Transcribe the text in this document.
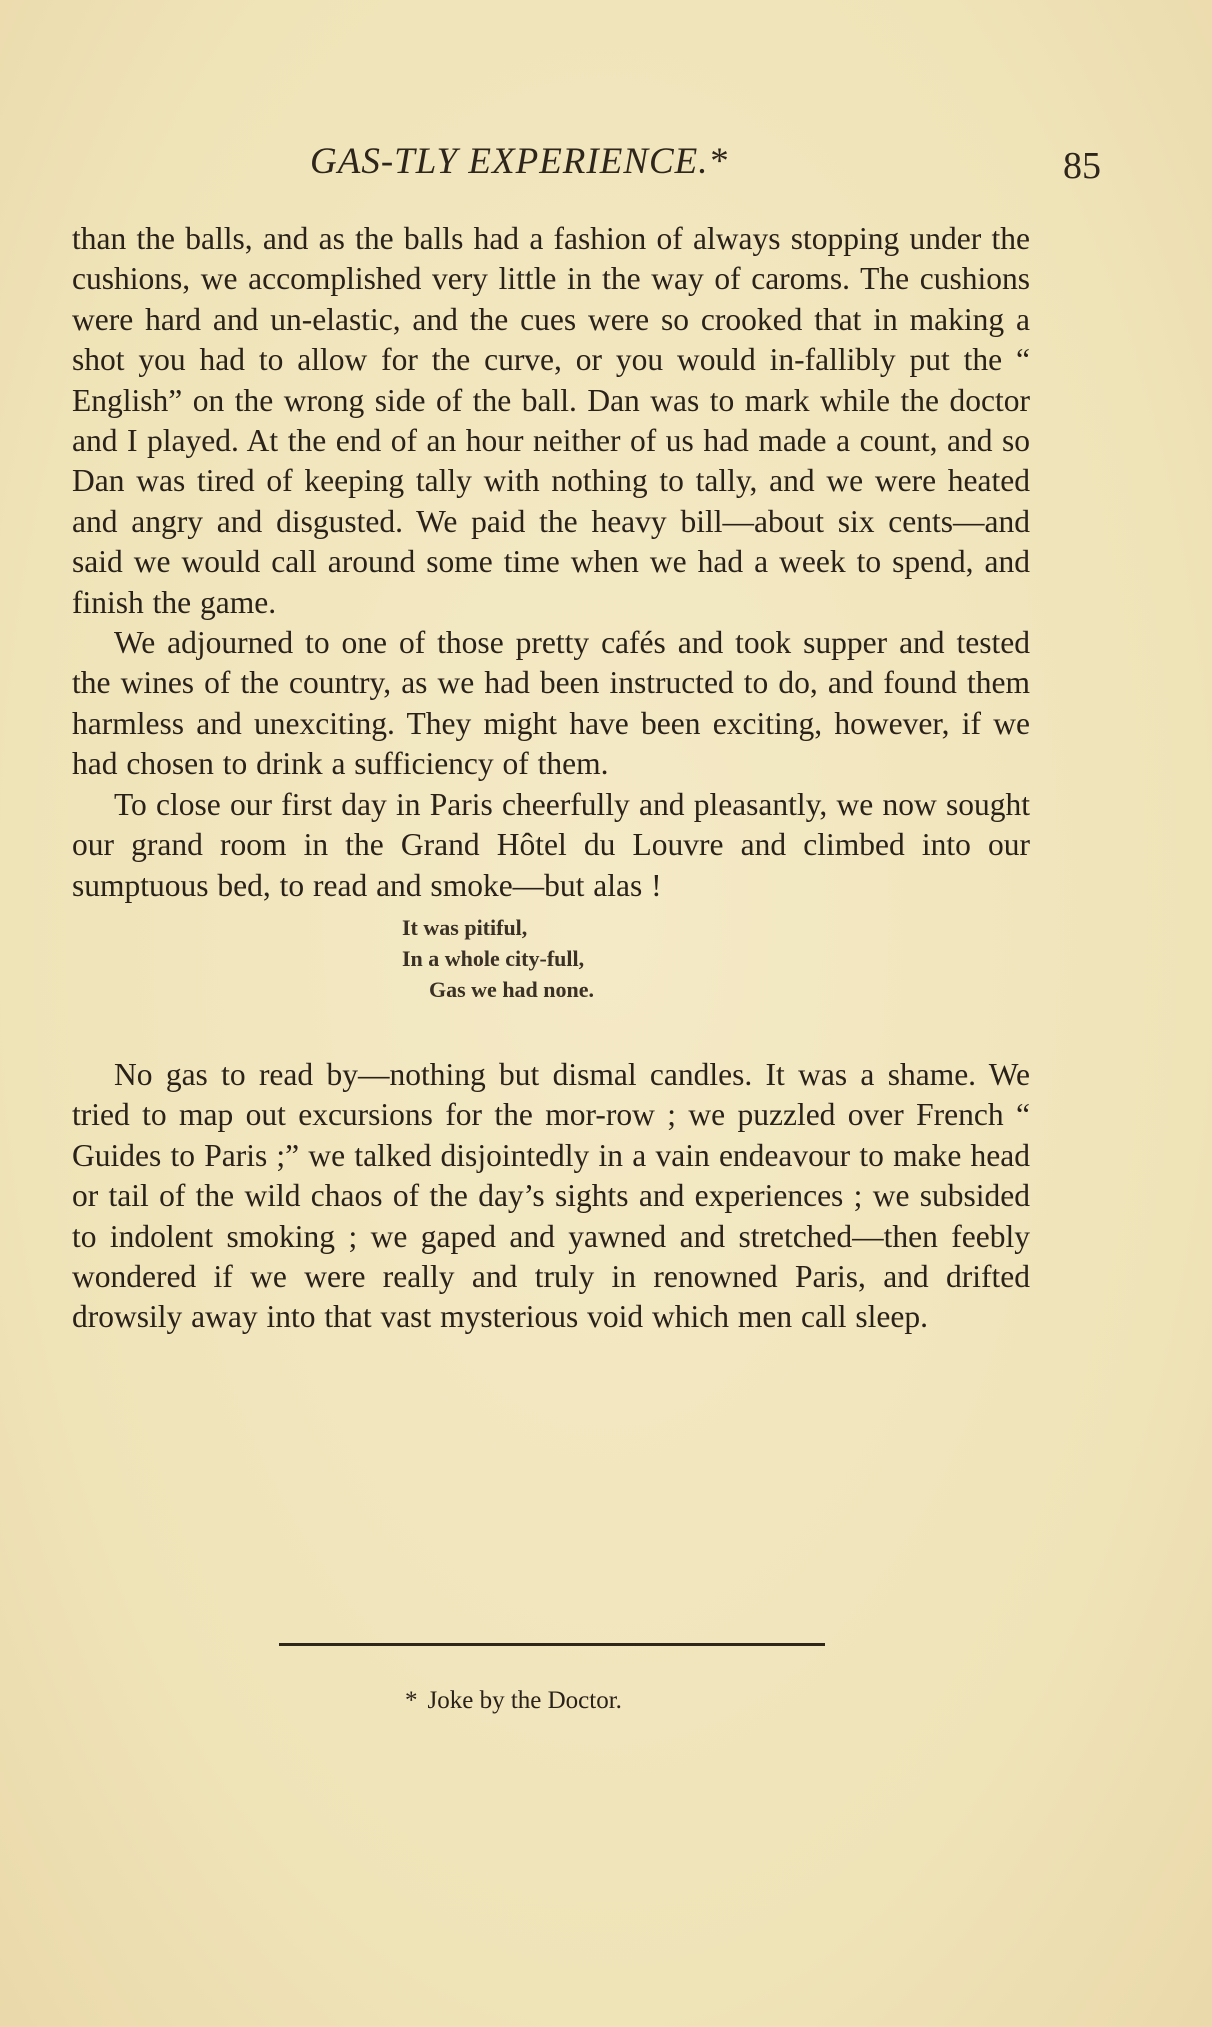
GAS-TLY EXPERIENCE.*	85

than the balls, and as the balls had a fashion of always stopping under the cushions, we accomplished very little in the way of caroms. The cushions were hard and un-elastic, and the cues were so crooked that in making a shot you had to allow for the curve, or you would in-fallibly put the “ English” on the wrong side of the ball. Dan was to mark while the doctor and I played. At the end of an hour neither of us had made a count, and so Dan was tired of keeping tally with nothing to tally, and we were heated and angry and disgusted. We paid the heavy bill—about six cents—and said we would call around some time when we had a week to spend, and finish the game.

We adjourned to one of those pretty cafés and took supper and tested the wines of the country, as we had been instructed to do, and found them harmless and unexciting. They might have been exciting, however, if we had chosen to drink a sufficiency of them.

To close our first day in Paris cheerfully and pleasantly, we now sought our grand room in the Grand Hôtel du Louvre and climbed into our sumptuous bed, to read and smoke—but alas !

It was pitiful,
In a whole city-full,
Gas we had none.

No gas to read by—nothing but dismal candles. It was a shame. We tried to map out excursions for the mor-row ; we puzzled over French “ Guides to Paris ;” we talked disjointedly in a vain endeavour to make head or tail of the wild chaos of the day’s sights and experiences ; we subsided to indolent smoking ; we gaped and yawned and stretched—then feebly wondered if we were really and truly in renowned Paris, and drifted drowsily away into that vast mysterious void which men call sleep.

* Joke by the Doctor.
